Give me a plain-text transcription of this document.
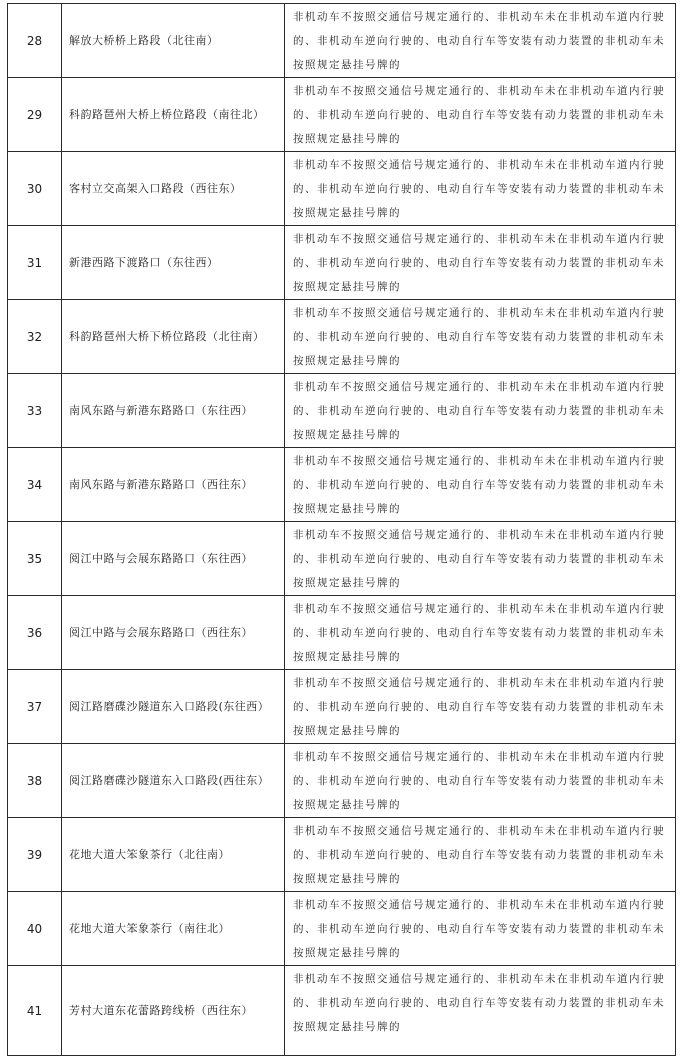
28	解放大桥桥上路段（北往南）	非机动车不按照交通信号规定通行的、非机动车未在非机动车道内行驶的、非机动车逆向行驶的、电动自行车等安装有动力装置的非机动车未按照规定悬挂号牌的

29	科韵路琶州大桥上桥位路段（南往北）	非机动车不按照交通信号规定通行的、非机动车未在非机动车道内行驶的、非机动车逆向行驶的、电动自行车等安装有动力装置的非机动车未按照规定悬挂号牌的

30	客村立交高架入口路段（西往东）	非机动车不按照交通信号规定通行的、非机动车未在非机动车道内行驶的、非机动车逆向行驶的、电动自行车等安装有动力装置的非机动车未按照规定悬挂号牌的

31	新港西路下渡路口（东往西）	非机动车不按照交通信号规定通行的、非机动车未在非机动车道内行驶的、非机动车逆向行驶的、电动自行车等安装有动力装置的非机动车未按照规定悬挂号牌的

32	科韵路琶州大桥下桥位路段（北往南）	非机动车不按照交通信号规定通行的、非机动车未在非机动车道内行驶的、非机动车逆向行驶的、电动自行车等安装有动力装置的非机动车未按照规定悬挂号牌的

33	南风东路与新港东路路口（东往西）	非机动车不按照交通信号规定通行的、非机动车未在非机动车道内行驶的、非机动车逆向行驶的、电动自行车等安装有动力装置的非机动车未按照规定悬挂号牌的

34	南风东路与新港东路路口（西往东）	非机动车不按照交通信号规定通行的、非机动车未在非机动车道内行驶的、非机动车逆向行驶的、电动自行车等安装有动力装置的非机动车未按照规定悬挂号牌的

35	阅江中路与会展东路路口（东往西）	非机动车不按照交通信号规定通行的、非机动车未在非机动车道内行驶的、非机动车逆向行驶的、电动自行车等安装有动力装置的非机动车未按照规定悬挂号牌的

36	阅江中路与会展东路路口（西往东）	非机动车不按照交通信号规定通行的、非机动车未在非机动车道内行驶的、非机动车逆向行驶的、电动自行车等安装有动力装置的非机动车未按照规定悬挂号牌的

37	阅江路磨碟沙隧道东入口路段(东往西）	非机动车不按照交通信号规定通行的、非机动车未在非机动车道内行驶的、非机动车逆向行驶的、电动自行车等安装有动力装置的非机动车未按照规定悬挂号牌的

38	阅江路磨碟沙隧道东入口路段(西往东）	非机动车不按照交通信号规定通行的、非机动车未在非机动车道内行驶的、非机动车逆向行驶的、电动自行车等安装有动力装置的非机动车未按照规定悬挂号牌的

39	花地大道大笨象茶行（北往南）	非机动车不按照交通信号规定通行的、非机动车未在非机动车道内行驶的、非机动车逆向行驶的、电动自行车等安装有动力装置的非机动车未按照规定悬挂号牌的

40	花地大道大笨象茶行（南往北）	非机动车不按照交通信号规定通行的、非机动车未在非机动车道内行驶的、非机动车逆向行驶的、电动自行车等安装有动力装置的非机动车未按照规定悬挂号牌的

41	芳村大道东花蕾路跨线桥（西往东）	非机动车不按照交通信号规定通行的、非机动车未在非机动车道内行驶的、非机动车逆向行驶的、电动自行车等安装有动力装置的非机动车未按照规定悬挂号牌的
